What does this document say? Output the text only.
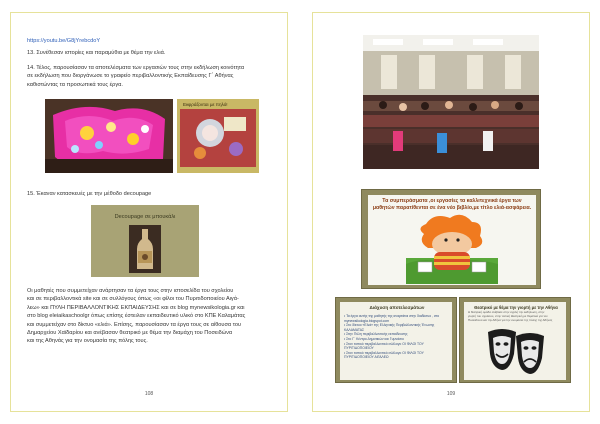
https://youtu.be/G8jYrebcdoY
13. Συνέθεσαν ιστορίες και παραμύθια με θέμα την ελιά.
14. Τέλος, παρουσίασαν τα αποτελέσματα των εργασιών τους στην εκδήλωση κοινότητα
σε εκδήλωση που διοργάνωσε το γραφείο περιβαλλοντικής Εκπαίδευσης Γ΄ Αθήνας
καθιστώντας τα προσωπικά τους έργα.
Εκφράζονται με πηλό!
15. Έκαναν κατασκευές με την μέθοδο decoupage
Decoupage σε μπουκάλι
Οι μαθητές που συμμετείχαν ανάρτησαν τα έργα τους στην ιστοσελίδα του σχολείου
και σε περιβαλλοντικά site και σε συλλόγους όπως «οι φίλοι του Πυριτιδοποιείου Αιγά-
λεω» και ΠΥΛΗ ΠΕΡΙΒΑΛΛΟΝΤΙΚΗΣ ΕΚΠΑΙΔΕΥΣΗΣ και σε blog mynewsikologia.gr και
στο blog eleiaikaschoolgr όπως επίσης έστειλαν εκπαιδευτικό υλικό στο ΚΠΕ Καλαμάτας
και συμμετείχαν στο δίκτυο «ελιά». Επίσης, παρουσίασαν τα έργα τους σε αίθουσα του
Δημαρχείου Χαϊδαρίου και ανέβασαν θεατρικό με θέμα την διαμάχη του Ποσειδώνα
και της Αθηνάς για την ονομασία της πόλης τους.
108
Τα συμπεράσματα ,οι εργασίες τα καλλιτεχνικά έργα των
μαθητών παρατίθενται σε ένα νέο βιβλίο,με τίτλο ελιά-ασφάρεια.
Διάχυση αποτελεσμάτων
• Τα έργα αυτής της μαθητής της αναρτάται στην διαδίκτυο , στο mynewsikologia.blogspot.com
• Στο δίκτυο «Ελιά» της Ελληνικής Περιβαλλοντικής Ένωσης ΚΑΛΑΜΑΤΑΣ
• Στην Πύλη περιβαλλοντικής εκπαίδευσης
• Στο Γ΄ Κέντρο Δημοτικών και Γυμνάσιο
• Στον τοπικό περιβαλλοντικό σύλλογο ΟΙ ΦΙΛΟΙ ΤΟΥ ΠΥΡΙΤΙΔΟΠΟΙΕΙΟΥ
• Στον τοπικό περιβαλλοντικό σύλλογο ΟΙ ΦΙΛΟΙ ΤΟΥ ΠΥΡΙΤΙΔΟΠΟΙΕΙΟΥ ΑΙΓΑΛΕΩ
Θεατρικό με θέμα την γιορτή με την Αθήνα
Η θεατρική ομάδα ανέβασε στην σχολή την εκδήλωση, στην
γιορτή του σχολείου, στην τοπική Θεατρική με θεματικό για τον
Ποσειδώνα και την Αθήνα για την ονομασία της πόλης της Αθήνας
109
